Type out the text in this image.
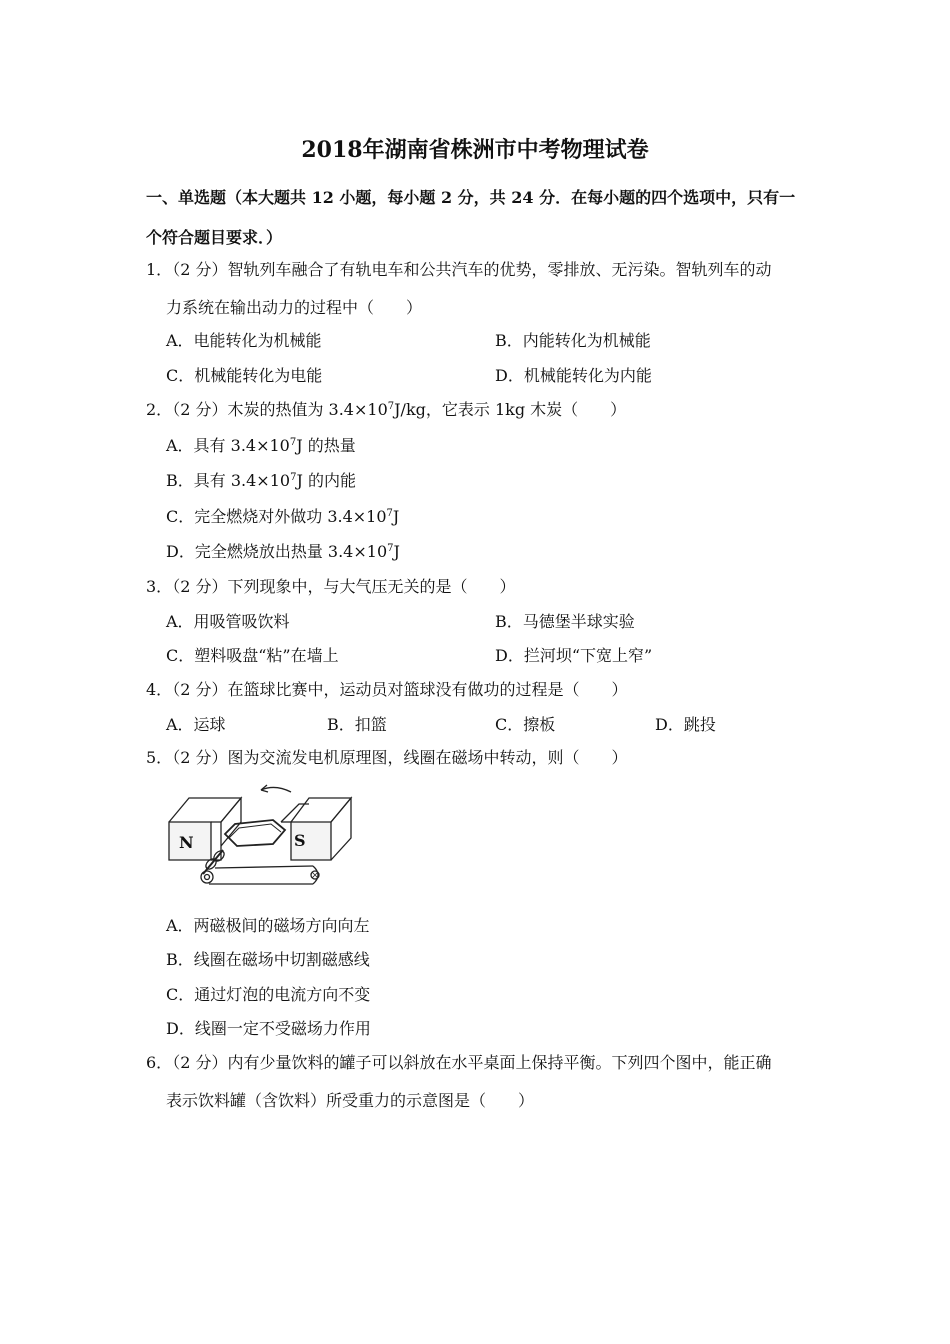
2018年湖南省株洲市中考物理试卷
一、单选题（本大题共 12 小题，每小题 2 分，共 24 分．在每小题的四个选项中，只有一
个符合题目要求．）
1．（2 分）智轨列车融合了有轨电车和公共汽车的优势，零排放、无污染。智轨列车的动
力系统在输出动力的过程中（　　）
A．电能转化为机械能	B．内能转化为机械能
C．机械能转化为电能	D．机械能转化为内能
2．（2 分）木炭的热值为 $3.4\times 10^7J/kg$，它表示 1kg 木炭（　　）
A．具有 $3.4\times 10^7J$ 的热量
B．具有 $3.4\times 10^7J$ 的内能
C．完全燃烧对外做功 $3.4\times 10^7J$
D．完全燃烧放出热量 $3.4\times 10^7J$
3．（2 分）下列现象中，与大气压无关的是（　　）
A．用吸管吸饮料	B．马德堡半球实验
C．塑料吸盘“粘”在墙上	D．拦河坝“下宽上窄”
4．（2 分）在篮球比赛中，运动员对篮球没有做功的过程是（　　）
A．运球	B．扣篮	C．擦板	D．跳投
5．（2 分）图为交流发电机原理图，线圈在磁场中转动，则（　　）
N	S
A．两磁极间的磁场方向向左
B．线圈在磁场中切割磁感线
C．通过灯泡的电流方向不变
D．线圈一定不受磁场力作用
6．（2 分）内有少量饮料的罐子可以斜放在水平桌面上保持平衡。下列四个图中，能正确
表示饮料罐（含饮料）所受重力的示意图是（　　）
